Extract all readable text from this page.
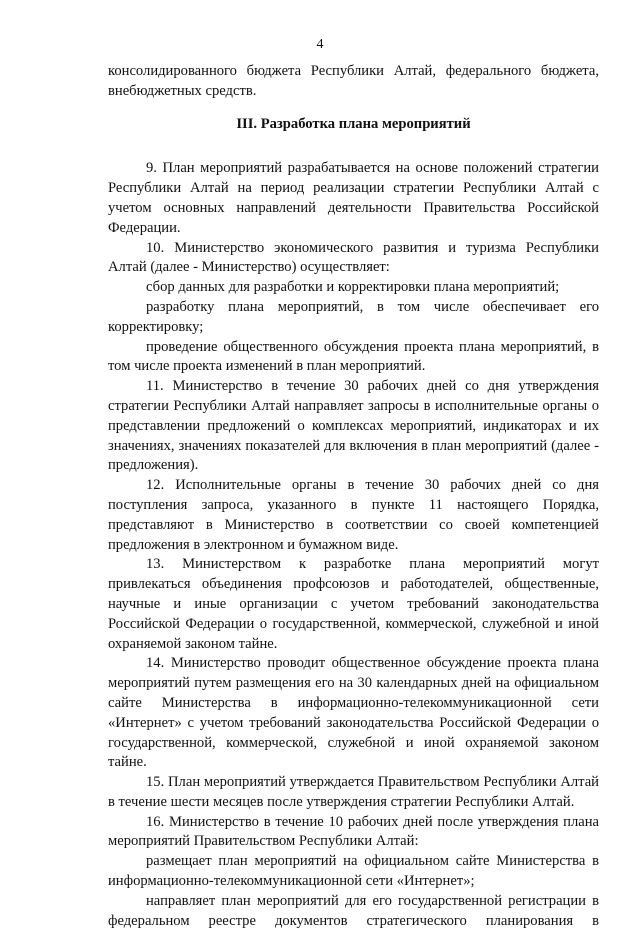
4

консолидированного бюджета Республики Алтай, федерального бюджета, внебюджетных средств.

III. Разработка плана мероприятий

9. План мероприятий разрабатывается на основе положений стратегии Республики Алтай на период реализации стратегии Республики Алтай с учетом основных направлений деятельности Правительства Российской Федерации.

10. Министерство экономического развития и туризма Республики Алтай (далее - Министерство) осуществляет:

сбор данных для разработки и корректировки плана мероприятий;

разработку плана мероприятий, в том числе обеспечивает его корректировку;

проведение общественного обсуждения проекта плана мероприятий, в том числе проекта изменений в план мероприятий.

11. Министерство в течение 30 рабочих дней со дня утверждения стратегии Республики Алтай направляет запросы в исполнительные органы о представлении предложений о комплексах мероприятий, индикаторах и их значениях, значениях показателей для включения в план мероприятий (далее - предложения).

12. Исполнительные органы в течение 30 рабочих дней со дня поступления запроса, указанного в пункте 11 настоящего Порядка, представляют в Министерство в соответствии со своей компетенцией предложения в электронном и бумажном виде.

13. Министерством к разработке плана мероприятий могут привлекаться объединения профсоюзов и работодателей, общественные, научные и иные организации с учетом требований законодательства Российской Федерации о государственной, коммерческой, служебной и иной охраняемой законом тайне.

14. Министерство проводит общественное обсуждение проекта плана мероприятий путем размещения его на 30 календарных дней на официальном сайте Министерства в информационно-телекоммуникационной сети «Интернет» с учетом требований законодательства Российской Федерации о государственной, коммерческой, служебной и иной охраняемой законом тайне.

15. План мероприятий утверждается Правительством Республики Алтай в течение шести месяцев после утверждения стратегии Республики Алтай.

16. Министерство в течение 10 рабочих дней после утверждения плана мероприятий Правительством Республики Алтай:

размещает план мероприятий на официальном сайте Министерства в информационно-телекоммуникационной сети «Интернет»;

направляет план мероприятий для его государственной регистрации в федеральном реестре документов стратегического планирования в
